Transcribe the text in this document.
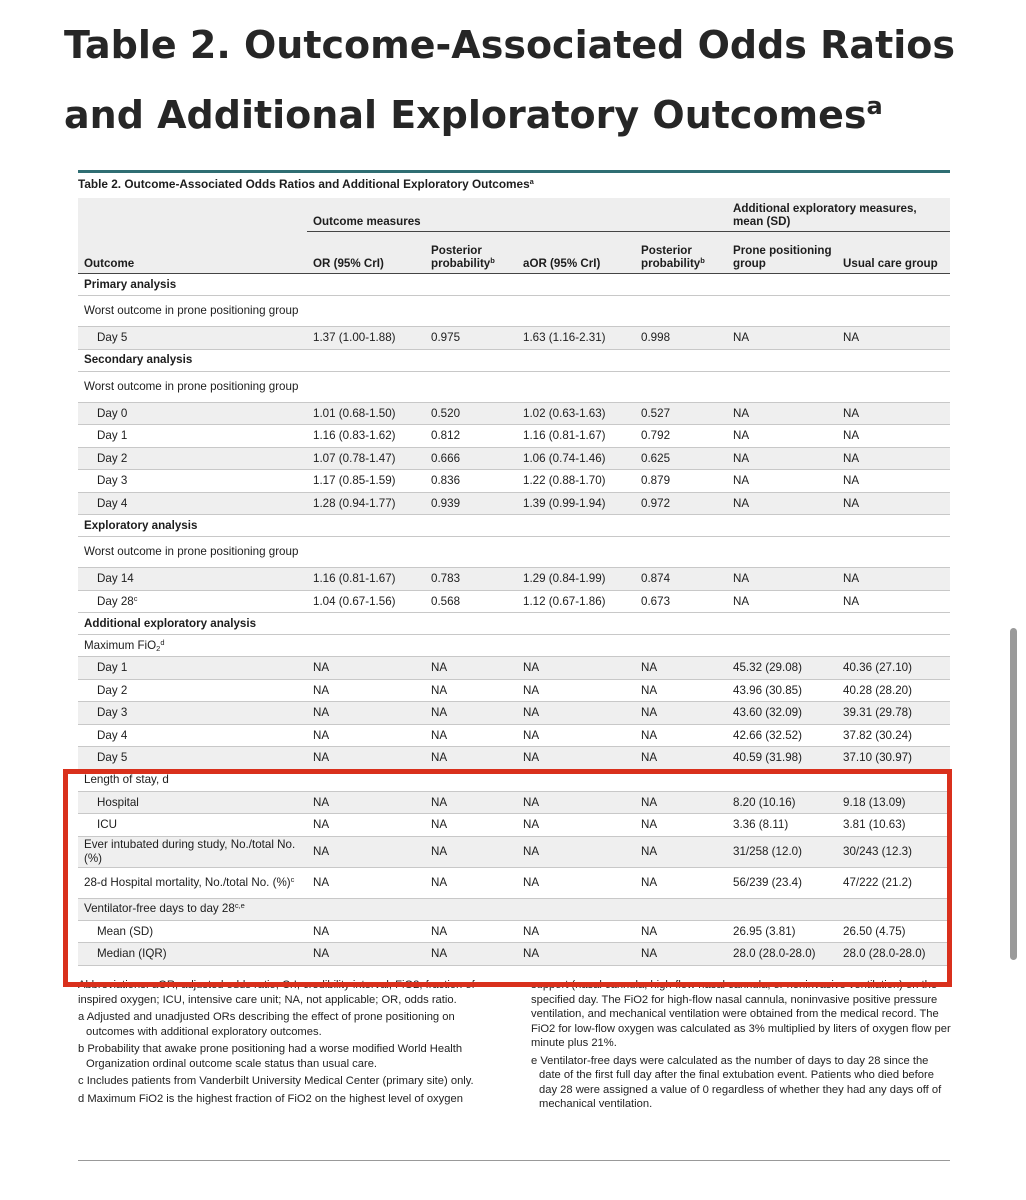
Table 2. Outcome-Associated Odds Ratios and Additional Exploratory Outcomes$^a$
Table 2. Outcome-Associated Odds Ratios and Additional Exploratory Outcomes$^a$
	Outcome measures				Additional exploratory measures, mean (SD)	
Outcome	OR (95% CrI)	Posterior probability$^b$	aOR (95% CrI)	Posterior probability$^b$	Prone positioning group	Usual care group
Primary analysis						
Worst outcome in prone positioning group						
Day 5	1.37 (1.00-1.88)	0.975	1.63 (1.16-2.31)	0.998	NA	NA
Secondary analysis						
Worst outcome in prone positioning group						
Day 0	1.01 (0.68-1.50)	0.520	1.02 (0.63-1.63)	0.527	NA	NA
Day 1	1.16 (0.83-1.62)	0.812	1.16 (0.81-1.67)	0.792	NA	NA
Day 2	1.07 (0.78-1.47)	0.666	1.06 (0.74-1.46)	0.625	NA	NA
Day 3	1.17 (0.85-1.59)	0.836	1.22 (0.88-1.70)	0.879	NA	NA
Day 4	1.28 (0.94-1.77)	0.939	1.39 (0.99-1.94)	0.972	NA	NA
Exploratory analysis						
Worst outcome in prone positioning group						
Day 14	1.16 (0.81-1.67)	0.783	1.29 (0.84-1.99)	0.874	NA	NA
Day 28$^c$	1.04 (0.67-1.56)	0.568	1.12 (0.67-1.86)	0.673	NA	NA
Additional exploratory analysis						
Maximum FiO$_2^d$
Day 1	NA	NA	NA	NA	45.32 (29.08)	40.36 (27.10)
Day 2	NA	NA	NA	NA	43.96 (30.85)	40.28 (28.20)
Day 3	NA	NA	NA	NA	43.60 (32.09)	39.31 (29.78)
Day 4	NA	NA	NA	NA	42.66 (32.52)	37.82 (30.24)
Day 5	NA	NA	NA	NA	40.59 (31.98)	37.10 (30.97)
Length of stay, d						
Hospital	NA	NA	NA	NA	8.20 (10.16)	9.18 (13.09)
ICU	NA	NA	NA	NA	3.36 (8.11)	3.81 (10.63)
Ever intubated during study, No./total No. (%)	NA	NA	NA	NA	31/258 (12.0)	30/243 (12.3)
28-d Hospital mortality, No./total No. (%)$^c$	NA	NA	NA	NA	56/239 (23.4)	47/222 (21.2)
Ventilator-free days to day 28$^{c,e}$
Mean (SD)	NA	NA	NA	NA	26.95 (3.81)	26.50 (4.75)
Median (IQR)	NA	NA	NA	NA	28.0 (28.0-28.0)	28.0 (28.0-28.0)

Abbreviations: aOR, adjusted odds ratio; CrI, credibility interval; FiO2, fraction of inspired oxygen; ICU, intensive care unit; NA, not applicable; OR, odds ratio.

a Adjusted and unadjusted ORs describing the effect of prone positioning on outcomes with additional exploratory outcomes.

b Probability that awake prone positioning had a worse modified World Health Organization ordinal outcome scale status than usual care.

c Includes patients from Vanderbilt University Medical Center (primary site) only.

d Maximum FiO2 is the highest fraction of FiO2 on the highest level of oxygen

support (nasal cannula, high-flow nasal cannula, or noninvasive ventilation) on the specified day. The FiO2 for high-flow nasal cannula, noninvasive positive pressure ventilation, and mechanical ventilation were obtained from the medical record. The FiO2 for low-flow oxygen was calculated as 3% multiplied by liters of oxygen flow per minute plus 21%.

e Ventilator-free days were calculated as the number of days to day 28 since the date of the first full day after the final extubation event. Patients who died before day 28 were assigned a value of 0 regardless of whether they had any days off of mechanical ventilation.
